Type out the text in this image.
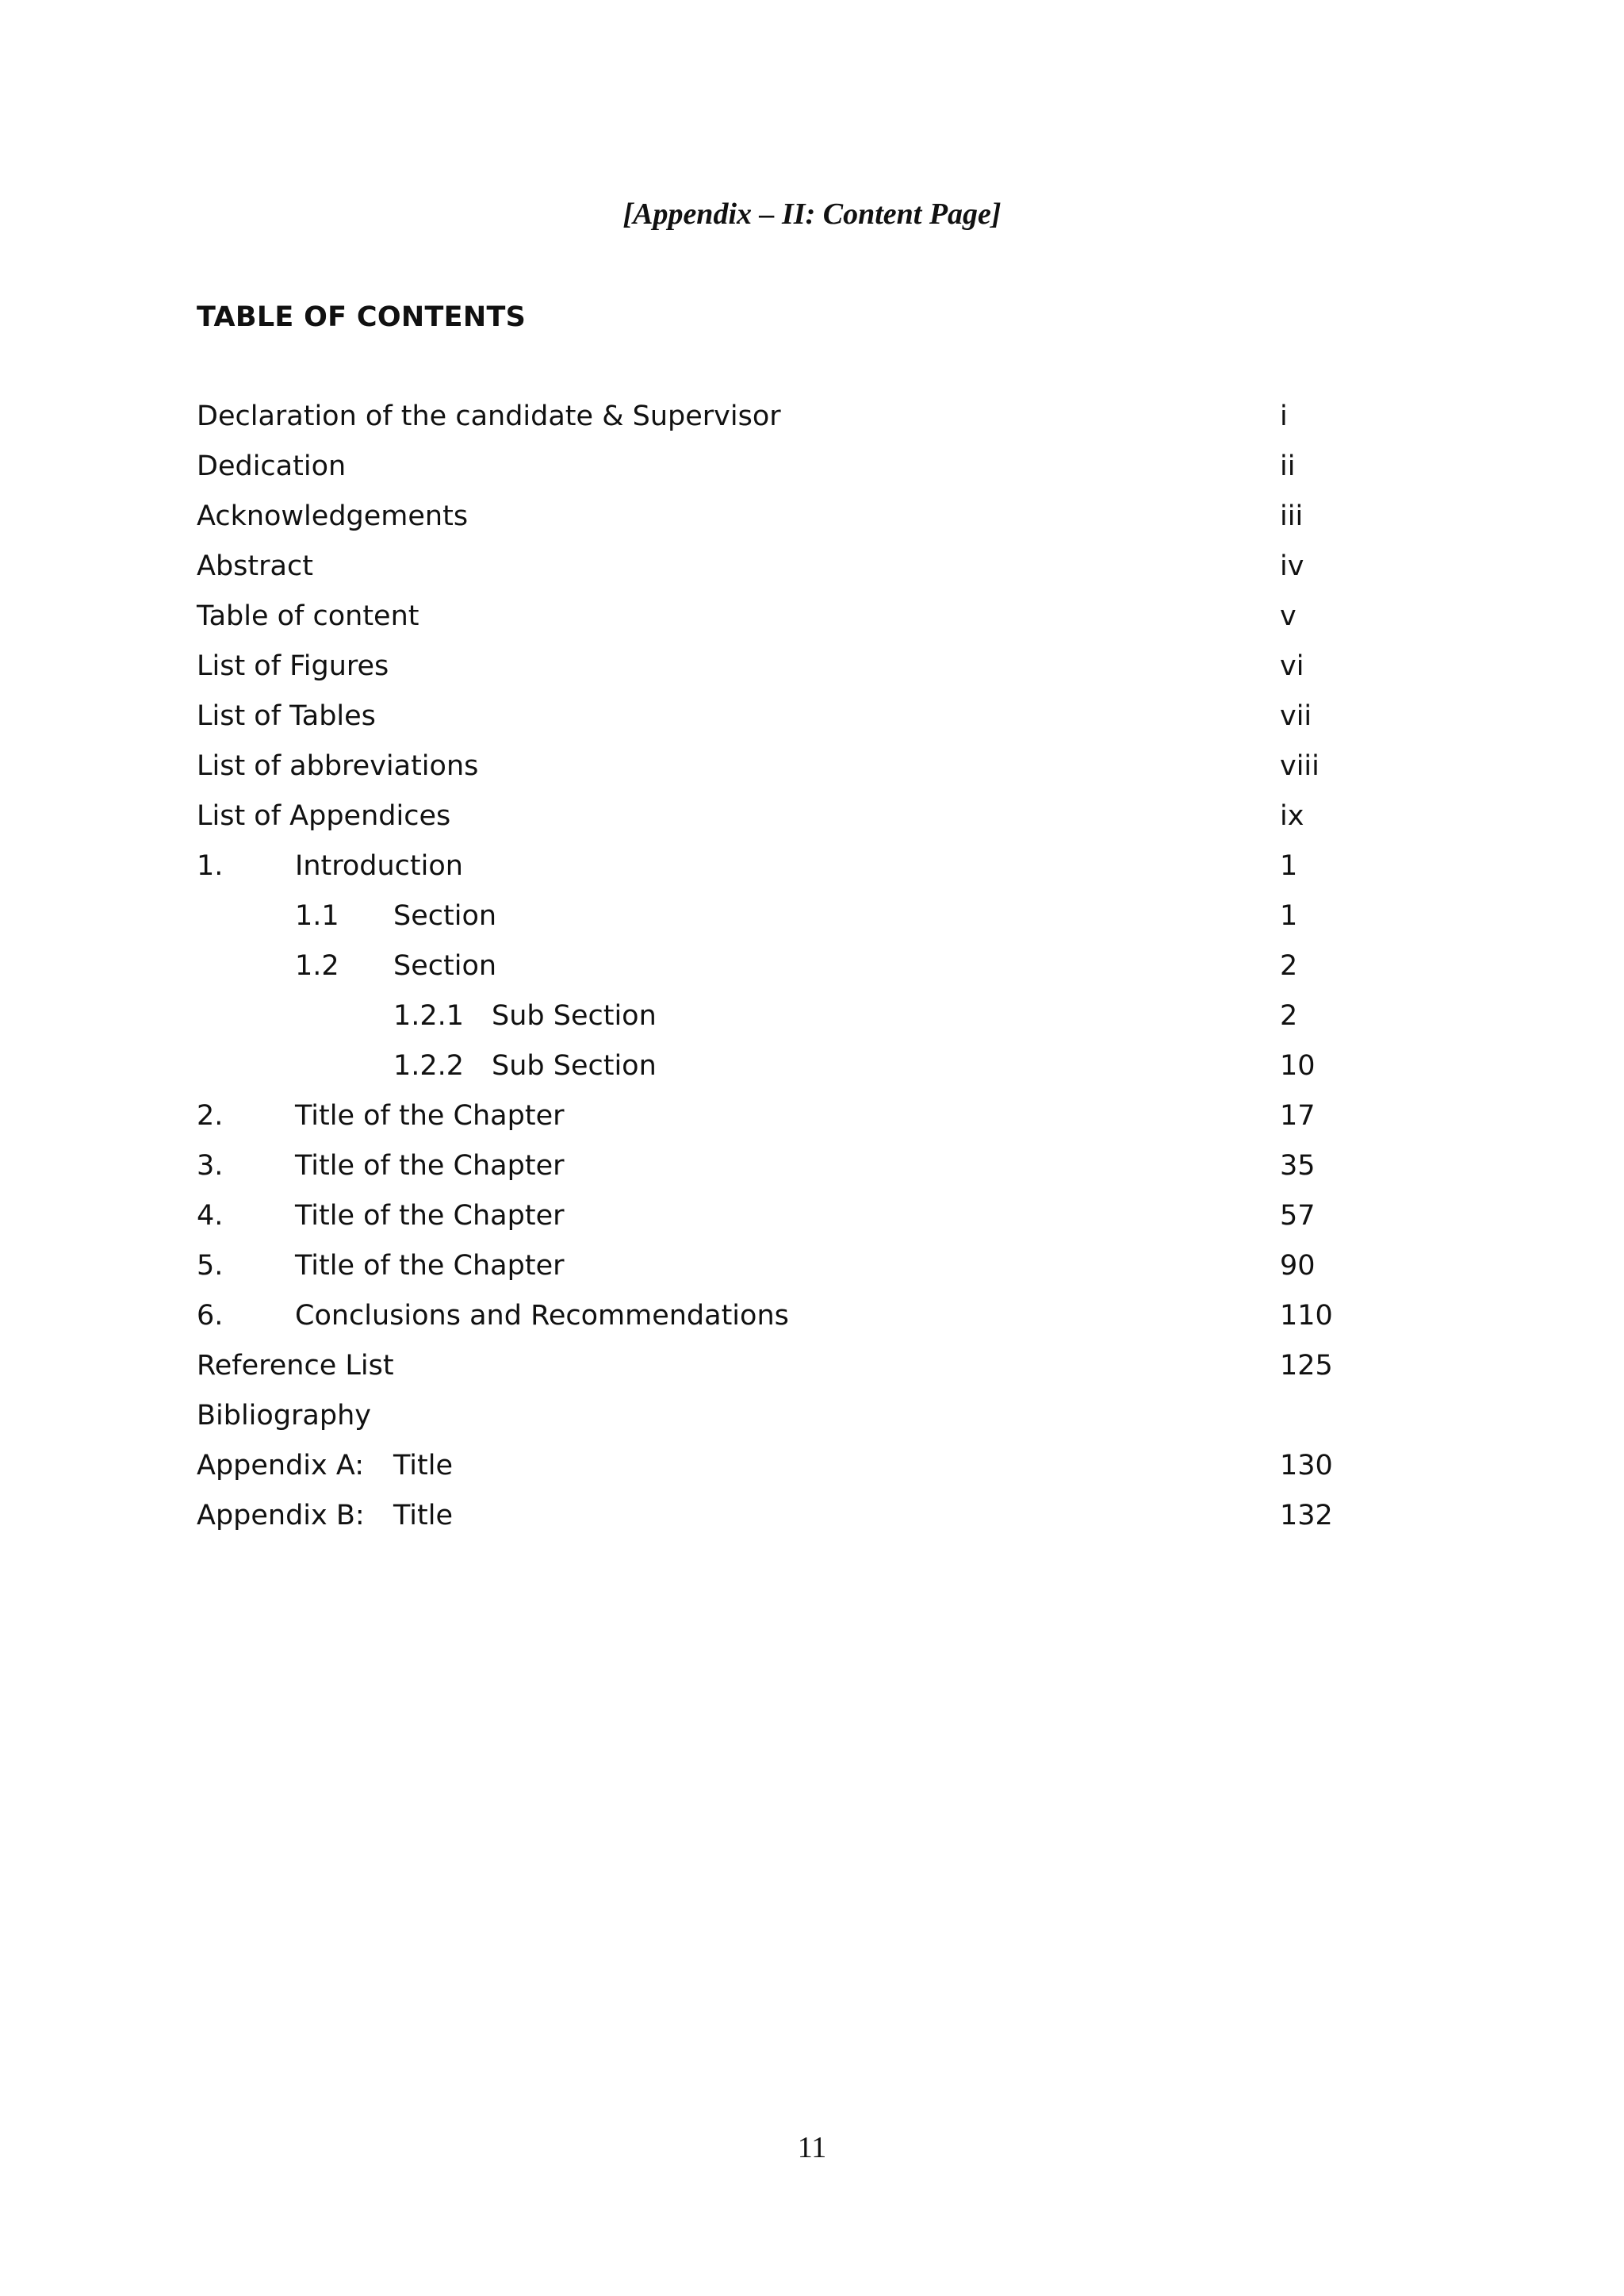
[Appendix – II: Content Page]

TABLE OF CONTENTS

Declaration of the candidate & Supervisor	i
Dedication	ii
Acknowledgements	iii
Abstract	iv
Table of content	v
List of Figures	vi
List of Tables	vii
List of abbreviations	viii
List of Appendices	ix
1.	Introduction	1
1.1 Section	1
1.2 Section	2
1.2.1 Sub Section	2
1.2.2 Sub Section	10
2.	Title of the Chapter	17
3.	Title of the Chapter	35
4.	Title of the Chapter	57
5.	Title of the Chapter	90
6.	Conclusions and Recommendations	110
Reference List	125
Bibliography
Appendix A: Title	130
Appendix B: Title	132

11
